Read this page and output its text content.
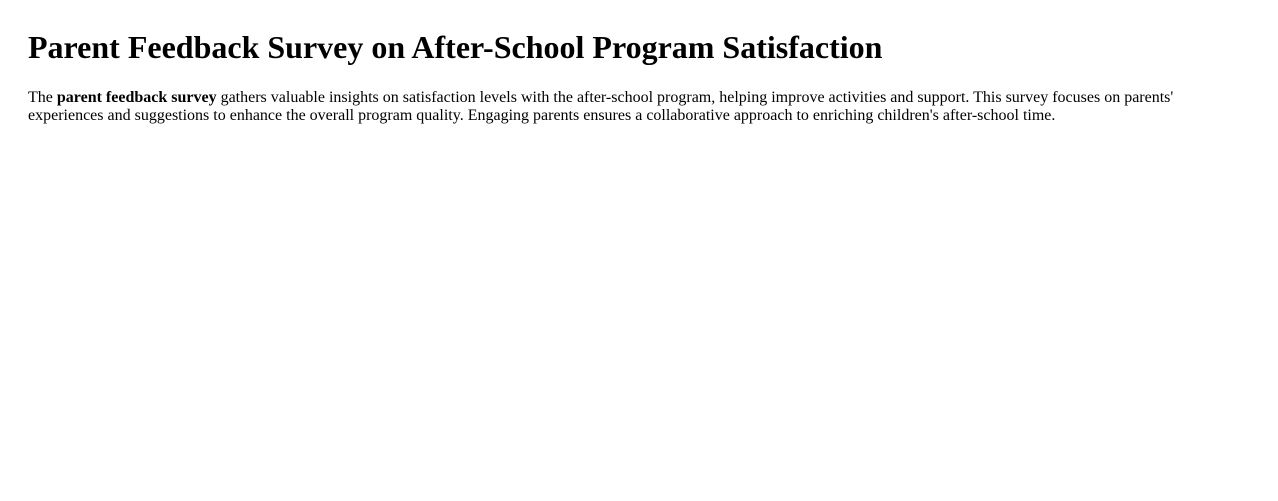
Parent Feedback Survey on After-School Program Satisfaction

The parent feedback survey gathers valuable insights on satisfaction levels with the after-school program, helping improve activities and support. This survey focuses on parents' experiences and suggestions to enhance the overall program quality. Engaging parents ensures a collaborative approach to enriching children's after-school time.
